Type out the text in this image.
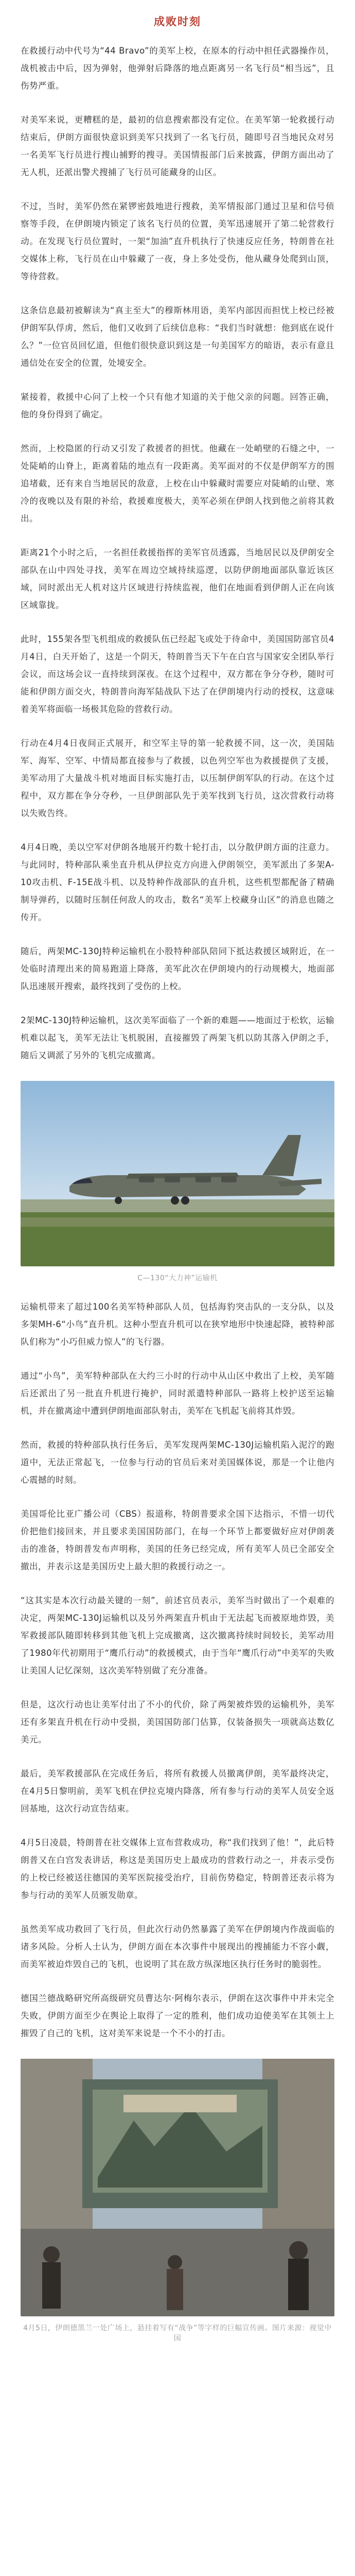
成败时刻

在救援行动中代号为“44 Bravo”的美军上校，在原本的行动中担任武器操作员，战机被击中后，因为弹射，他弹射后降落的地点距离另一名飞行员“相当远”，且伤势严重。

对美军来说，更糟糕的是，最初的信息搜索都没有定位。在美军第一轮救援行动结束后，伊朗方面很快意识到美军只找到了一名飞行员，随即号召当地民众对另一名美军飞行员进行搜山捕野的搜寻。美国情报部门后来披露，伊朗方面出动了无人机，还派出警犬搜捕了飞行员可能藏身的山区。

不过，当时，美军仍然在紧锣密鼓地进行搜救，美军情报部门通过卫星和信号侦察等手段，在伊朗境内锁定了该名飞行员的位置，美军迅速展开了第二轮营救行动。在发现飞行员位置时，一架“加油”直升机执行了快速反应任务，特朗普在社交媒体上称，飞行员在山中躲藏了一夜，身上多处受伤，他从藏身处爬到山顶，等待营救。

这条信息最初被解读为“真主至大”的穆斯林用语，美军内部因而担忧上校已经被伊朗军队俘虏，然后，他们又收到了后续信息称：“我们当时就想：他到底在说什么？”一位官员回忆道，但他们很快意识到这是一句美国军方的暗语，表示有意且通信处在安全的位置，处境安全。

紧接着，救援中心问了上校一个只有他才知道的关于他父亲的问题。回答正确，他的身份得到了确定。

然而，上校隐匿的行动又引发了救援者的担忧。他藏在一处峭壁的石缝之中，一处陡峭的山脊上，距离着陆的地点有一段距离。美军面对的不仅是伊朗军方的围追堵截，还有来自当地居民的敌意，上校在山中躲藏时需要应对陡峭的山壁、寒冷的夜晚以及有限的补给，救援难度极大，美军必须在伊朗人找到他之前将其救出。

距离21个小时之后，一名担任救援指挥的美军官员透露，当地居民以及伊朗安全部队在山中四处寻找，美军在周边空域持续巡逻，以防伊朗地面部队靠近该区域，同时派出无人机对这片区域进行持续监视，他们在地面看到伊朗人正在向该区域靠拢。

此时，155架各型飞机组成的救援队伍已经起飞或处于待命中，美国国防部官员4月4日，白天开始了，这是一个阴天，特朗普当天下午在白宫与国家安全团队举行会议，而这场会议一直持续到深夜。在这个过程中，双方都在争分夺秒，随时可能和伊朗方面交火，特朗普向海军陆战队下达了在伊朗境内行动的授权，这意味着美军将面临一场极其危险的营救行动。

行动在4月4日夜间正式展开，和空军主导的第一轮救援不同，这一次，美国陆军、海军、空军、中情局都直接参与了救援，以色列空军也为救援提供了支援，美军动用了大量战斗机对地面目标实施打击，以压制伊朗军队的行动。在这个过程中，双方都在争分夺秒，一旦伊朗部队先于美军找到飞行员，这次营救行动将以失败告终。

4月4日晚，美以空军对伊朗各地展开约数十轮打击，以分散伊朗方面的注意力。与此同时，特种部队乘坐直升机从伊拉克方向进入伊朗领空，美军派出了多架A-10攻击机、F-15E战斗机、以及特种作战部队的直升机，这些机型都配备了精确制导弹药，以随时压制任何敌人的攻击，数名“美军上校藏身山区”的消息也随之传开。

随后，两架MC-130J特种运输机在小股特种部队陪同下抵达救援区域附近，在一处临时清理出来的简易跑道上降落，美军此次在伊朗境内的行动规模大，地面部队迅速展开搜索，最终找到了受伤的上校。

2架MC-130J特种运输机，这次美军面临了一个新的难题——地面过于松软，运输机难以起飞，美军无法让飞机脱困，直接摧毁了两架飞机以防其落入伊朗之手，随后又调派了另外的飞机完成撤离。

C—130“大力神”运输机

运输机带来了超过100名美军特种部队人员，包括海豹突击队的一支分队，以及多架MH-6“小鸟”直升机。这种小型直升机可以在狭窄地形中快速起降，被特种部队们称为“小巧但威力惊人”的飞行器。

通过“小鸟”，美军特种部队在大约三小时的行动中从山区中救出了上校，美军随后还派出了另一批直升机进行掩护，同时派遣特种部队一路将上校护送至运输机，并在撤离途中遭到伊朗地面部队射击，美军在飞机起飞前将其炸毁。

然而，救援的特种部队执行任务后，美军发现两架MC-130J运输机陷入泥泞的跑道中，无法正常起飞，一位参与行动的官员后来对美国媒体说，那是一个让他内心震撼的时刻。

美国哥伦比亚广播公司（CBS）报道称，特朗普要求全国下达指示，不惜一切代价把他们接回来，并且要求美国国防部门，在每一个环节上都要做好应对伊朗袭击的准备，特朗普发布声明称，美国的任务已经完成，所有美军人员已全部安全撤出，并表示这是美国历史上最大胆的救援行动之一。

“这其实是本次行动最关键的一刻”，前述官员表示，美军当时做出了一个艰难的决定，两架MC-130J运输机以及另外两架直升机由于无法起飞而被原地炸毁，美军救援部队随即转移到其他飞机上完成撤离，这次撤离持续时间较长，美军动用了1980年代初期用于“鹰爪行动”的救援模式，由于当年“鹰爪行动”中美军的失败让美国人记忆深刻，这次美军特别做了充分准备。

但是，这次行动也让美军付出了不小的代价，除了两架被炸毁的运输机外，美军还有多架直升机在行动中受损，美国国防部门估算，仅装备损失一项就高达数亿美元。

最后，美军救援部队在完成任务后，将所有救援人员撤离伊朗，美军最终决定，在4月5日黎明前，美军飞机在伊拉克境内降落，所有参与行动的美军人员安全返回基地，这次行动宣告结束。

4月5日凌晨，特朗普在社交媒体上宣布营救成功，称“我们找到了他！”，此后特朗普又在白宫发表讲话，称这是美国历史上最成功的营救行动之一，并表示受伤的上校已经被送往德国的美军医院接受治疗，目前伤势稳定，特朗普还表示将为参与行动的美军人员颁发勋章。

虽然美军成功救回了飞行员，但此次行动仍然暴露了美军在伊朗境内作战面临的诸多风险。分析人士认为，伊朗方面在本次事件中展现出的搜捕能力不容小觑，而美军被迫炸毁自己的飞机，也说明了其在敌方纵深地区执行任务时的脆弱性。

德国兰德战略研究所高级研究员曹达尔·阿梅尔表示，伊朗在这次事件中并未完全失败，伊朗方面至少在舆论上取得了一定的胜利，他们成功迫使美军在其领土上摧毁了自己的飞机，这对美军来说是一个不小的打击。

4月5日，伊朗德黑兰一处广场上，悬挂着写有“战争”等字样的巨幅宣传画。图片来源：视觉中国
